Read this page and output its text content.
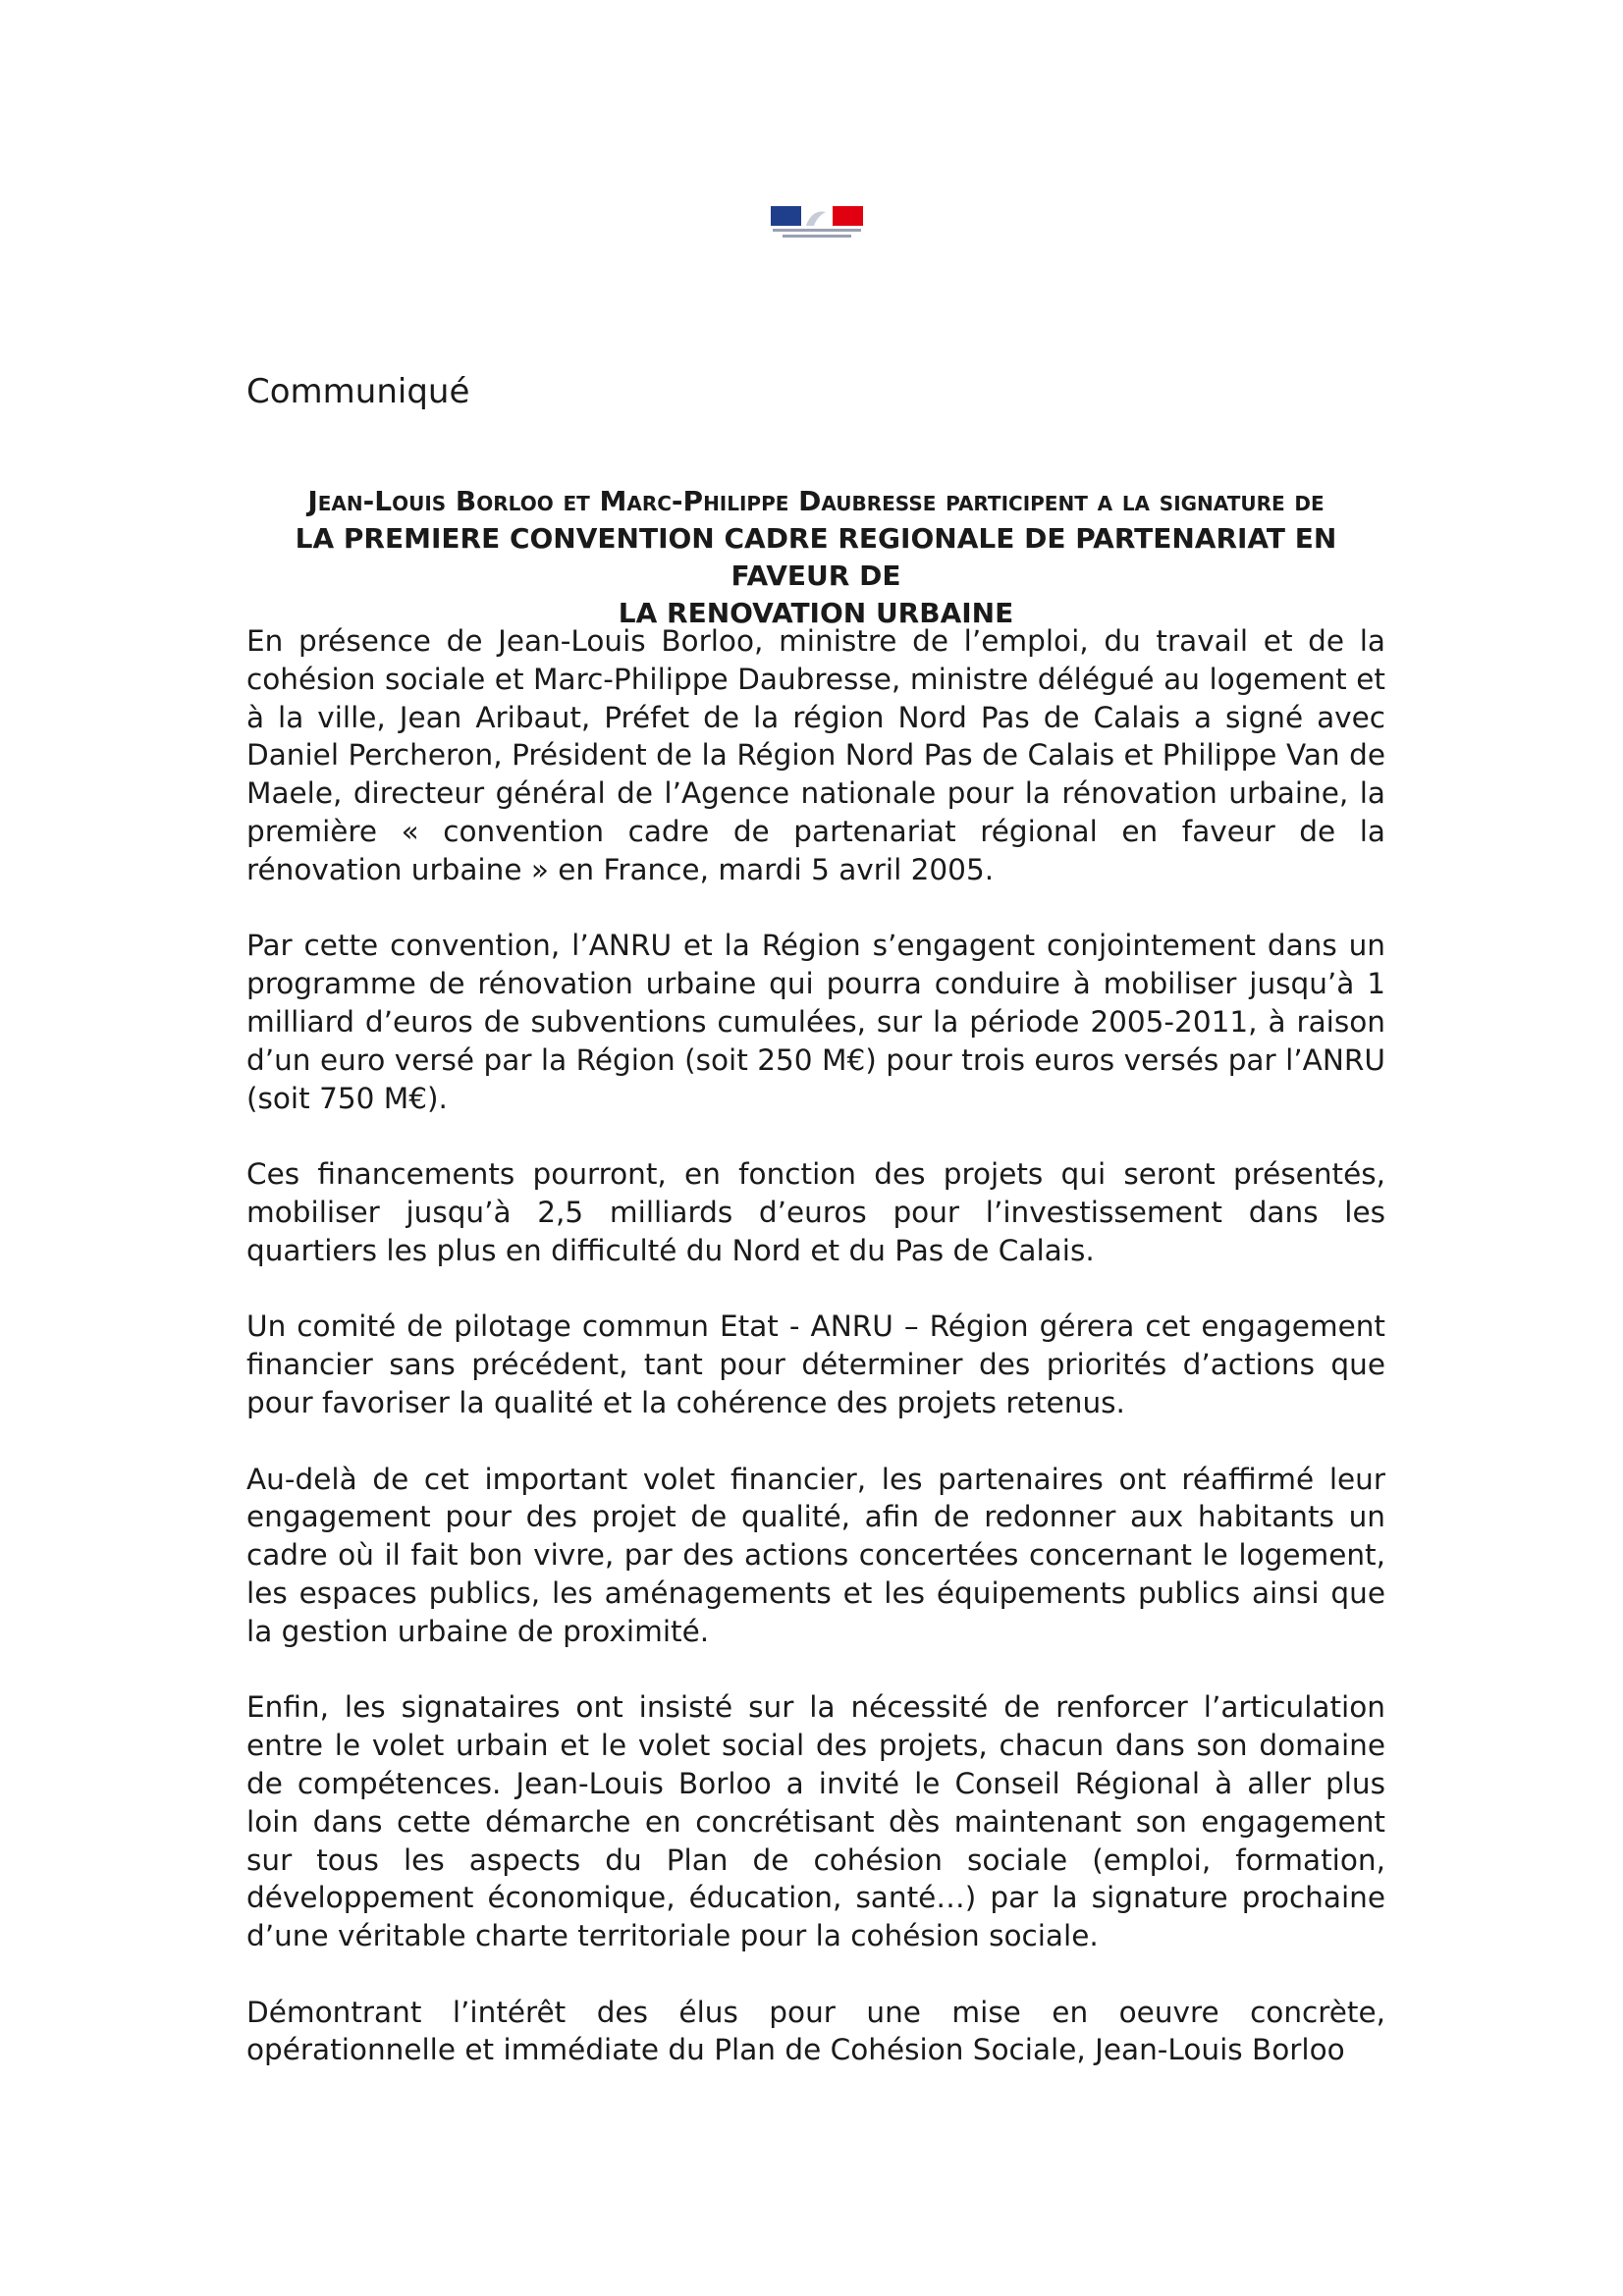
Communiqué
Jean-Louis Borloo et Marc-Philippe Daubresse participent a la signature de
LA PREMIERE CONVENTION CADRE REGIONALE DE PARTENARIAT EN FAVEUR DE
LA RENOVATION URBAINE

En présence de Jean-Louis Borloo, ministre de l’emploi, du travail et de la cohésion sociale et Marc-Philippe Daubresse, ministre délégué au logement et à la ville, Jean Aribaut, Préfet de la région Nord Pas de Calais a signé avec Daniel Percheron, Président de la Région Nord Pas de Calais et Philippe Van de Maele, directeur général de l’Agence nationale pour la rénovation urbaine, la première « convention cadre de partenariat régional en faveur de la rénovation urbaine » en France, mardi 5 avril 2005.

Par cette convention, l’ANRU et la Région s’engagent conjointement dans un programme de rénovation urbaine qui pourra conduire à mobiliser jusqu’à 1 milliard d’euros de subventions cumulées, sur la période 2005-2011, à raison d’un euro versé par la Région (soit 250 M€) pour trois euros versés par l’ANRU (soit 750 M€).

Ces financements pourront, en fonction des projets qui seront présentés, mobiliser jusqu’à 2,5 milliards d’euros pour l’investissement dans les quartiers les plus en difficulté du Nord et du Pas de Calais.

Un comité de pilotage commun Etat - ANRU – Région gérera cet engagement financier sans précédent, tant pour déterminer des priorités d’actions que pour favoriser la qualité et la cohérence des projets retenus.

Au-delà de cet important volet financier, les partenaires ont réaffirmé leur engagement pour des projet de qualité, afin de redonner aux habitants un cadre où il fait bon vivre, par des actions concertées concernant le logement, les espaces publics, les aménagements et les équipements publics ainsi que la gestion urbaine de proximité.

Enfin, les signataires ont insisté sur la nécessité de renforcer l’articulation entre le volet urbain et le volet social des projets, chacun dans son domaine de compétences. Jean-Louis Borloo a invité le Conseil Régional à aller plus loin dans cette démarche en concrétisant dès maintenant son engagement sur tous les aspects du Plan de cohésion sociale (emploi, formation, développement économique, éducation, santé…) par la signature prochaine d’une véritable charte territoriale pour la cohésion sociale.

Démontrant l’intérêt des élus pour une mise en oeuvre concrète, opérationnelle et immédiate du Plan de Cohésion Sociale, Jean-Louis Borloo
